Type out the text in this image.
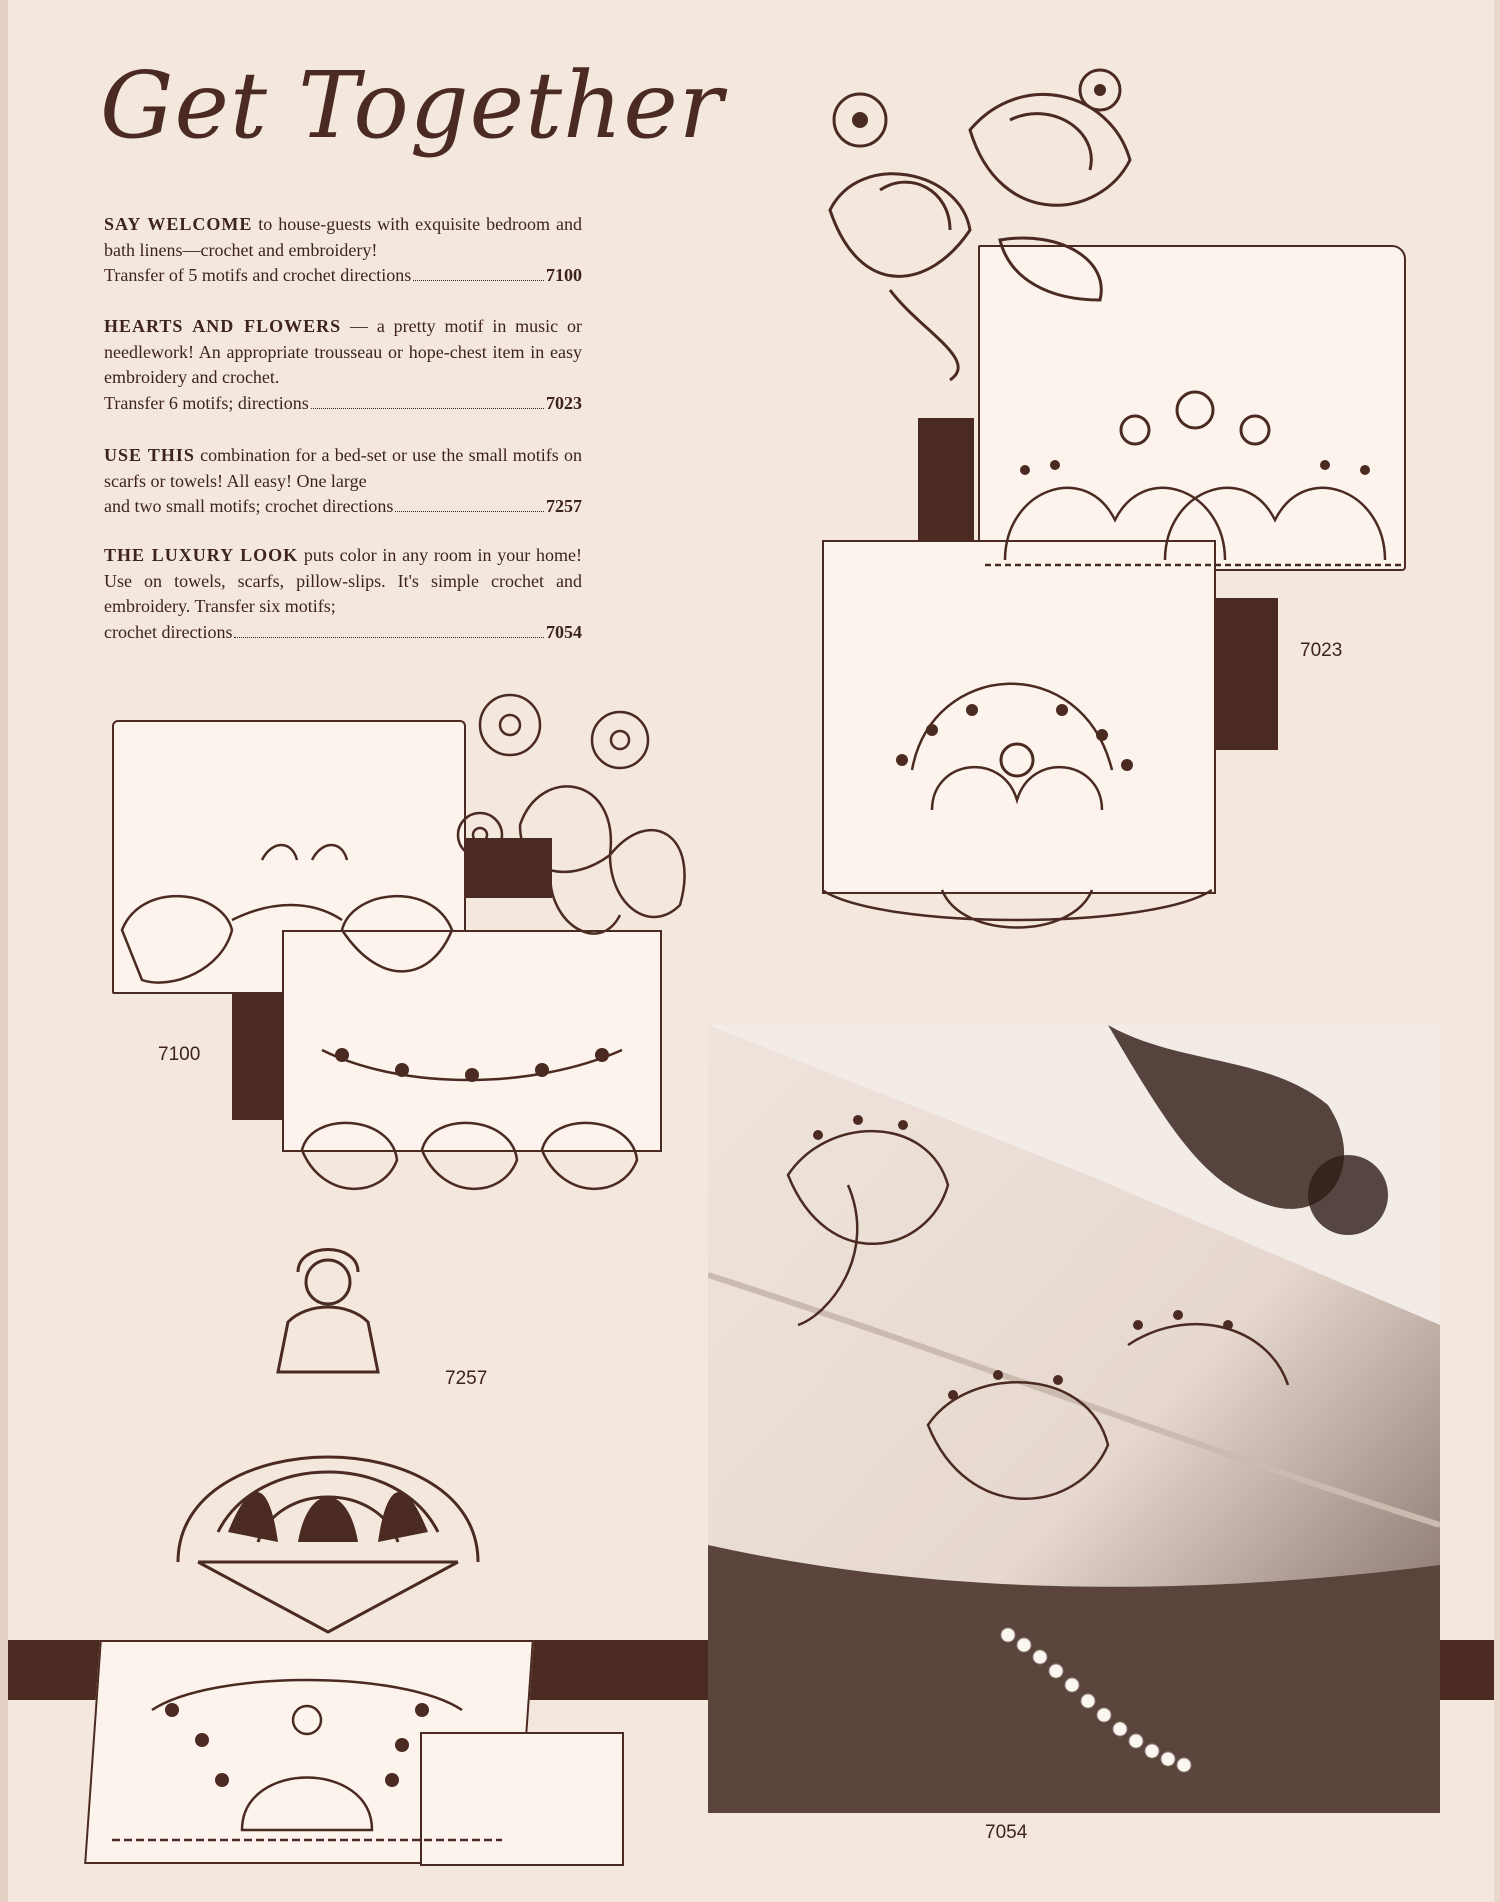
Get Together
SAY WELCOME to house-guests with exquisite bedroom and bath linens—crochet and embroidery!
Transfer of 5 motifs and crochet directions	7100
HEARTS AND FLOWERS — a pretty motif in music or needlework! An appropriate trousseau or hope-chest item in easy embroidery and crochet.
Transfer 6 motifs; directions	7023
USE THIS combination for a bed-set or use the small motifs on scarfs or towels! All easy! One large
and two small motifs; crochet directions	7257
THE LUXURY LOOK puts color in any room in your home! Use on towels, scarfs, pillow-slips. It's simple crochet and embroidery. Transfer six motifs;
crochet directions	7054
7023
7100
7257
7054
